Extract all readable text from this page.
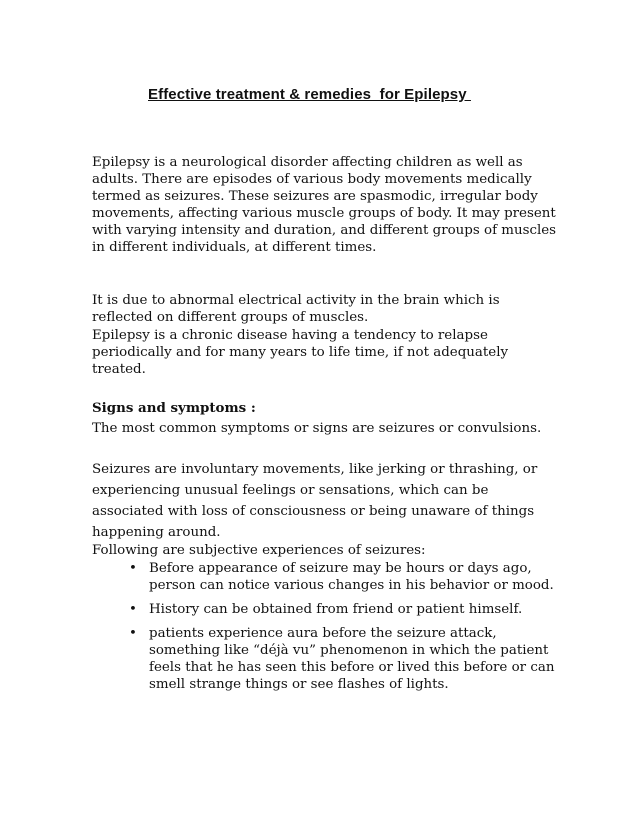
Effective treatment & remedies  for Epilepsy

Epilepsy is a neurological disorder affecting children as well as adults. There are episodes of various body movements medically termed as seizures. These seizures are spasmodic, irregular body movements, affecting various muscle groups of body. It may present with varying intensity and duration, and different groups of muscles in different individuals, at different times.

It is due to abnormal electrical activity in the brain which is reflected on different groups of muscles.

Epilepsy is a chronic disease having a tendency to relapse periodically and for many years to life time, if not adequately treated.

Signs and symptoms :

The most common symptoms or signs are seizures or convulsions.

Seizures are involuntary movements, like jerking or thrashing, or experiencing unusual feelings or sensations, which can be associated with loss of consciousness or being unaware of things happening around.

Following are subjective experiences of seizures:

• Before appearance of seizure may be hours or days ago, person can notice various changes in his behavior or mood.
• History can be obtained from friend or patient himself.
• patients experience aura before the seizure attack, something like “déjà vu” phenomenon in which the patient feels that he has seen this before or lived this before or can smell strange things or see flashes of lights.
